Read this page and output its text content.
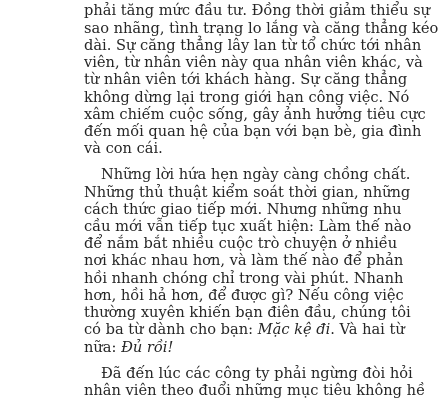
phải tăng mức đầu tư. Đồng thời giảm thiểu sự
sao nhãng, tình trạng lo lắng và căng thẳng kéo
dài. Sự căng thẳng lây lan từ tổ chức tới nhân
viên, từ nhân viên này qua nhân viên khác, và
từ nhân viên tới khách hàng. Sự căng thẳng
không dừng lại trong giới hạn công việc. Nó
xâm chiếm cuộc sống, gây ảnh hưởng tiêu cực
đến mối quan hệ của bạn với bạn bè, gia đình
và con cái.
Những lời hứa hẹn ngày càng chồng chất.
Những thủ thuật kiểm soát thời gian, những
cách thức giao tiếp mới. Nhưng những nhu
cầu mới vẫn tiếp tục xuất hiện: Làm thế nào
để nắm bắt nhiều cuộc trò chuyện ở nhiều
nơi khác nhau hơn, và làm thế nào để phản
hồi nhanh chóng chỉ trong vài phút. Nhanh
hơn, hồi hả hơn, để được gì? Nếu công việc
thường xuyên khiến bạn điên đầu, chúng tôi
có ba từ dành cho bạn: Mặc kệ đi. Và hai từ
nữa: Đủ rồi!
Đã đến lúc các công ty phải ngừng đòi hỏi
nhân viên theo đuổi những mục tiêu không hề
